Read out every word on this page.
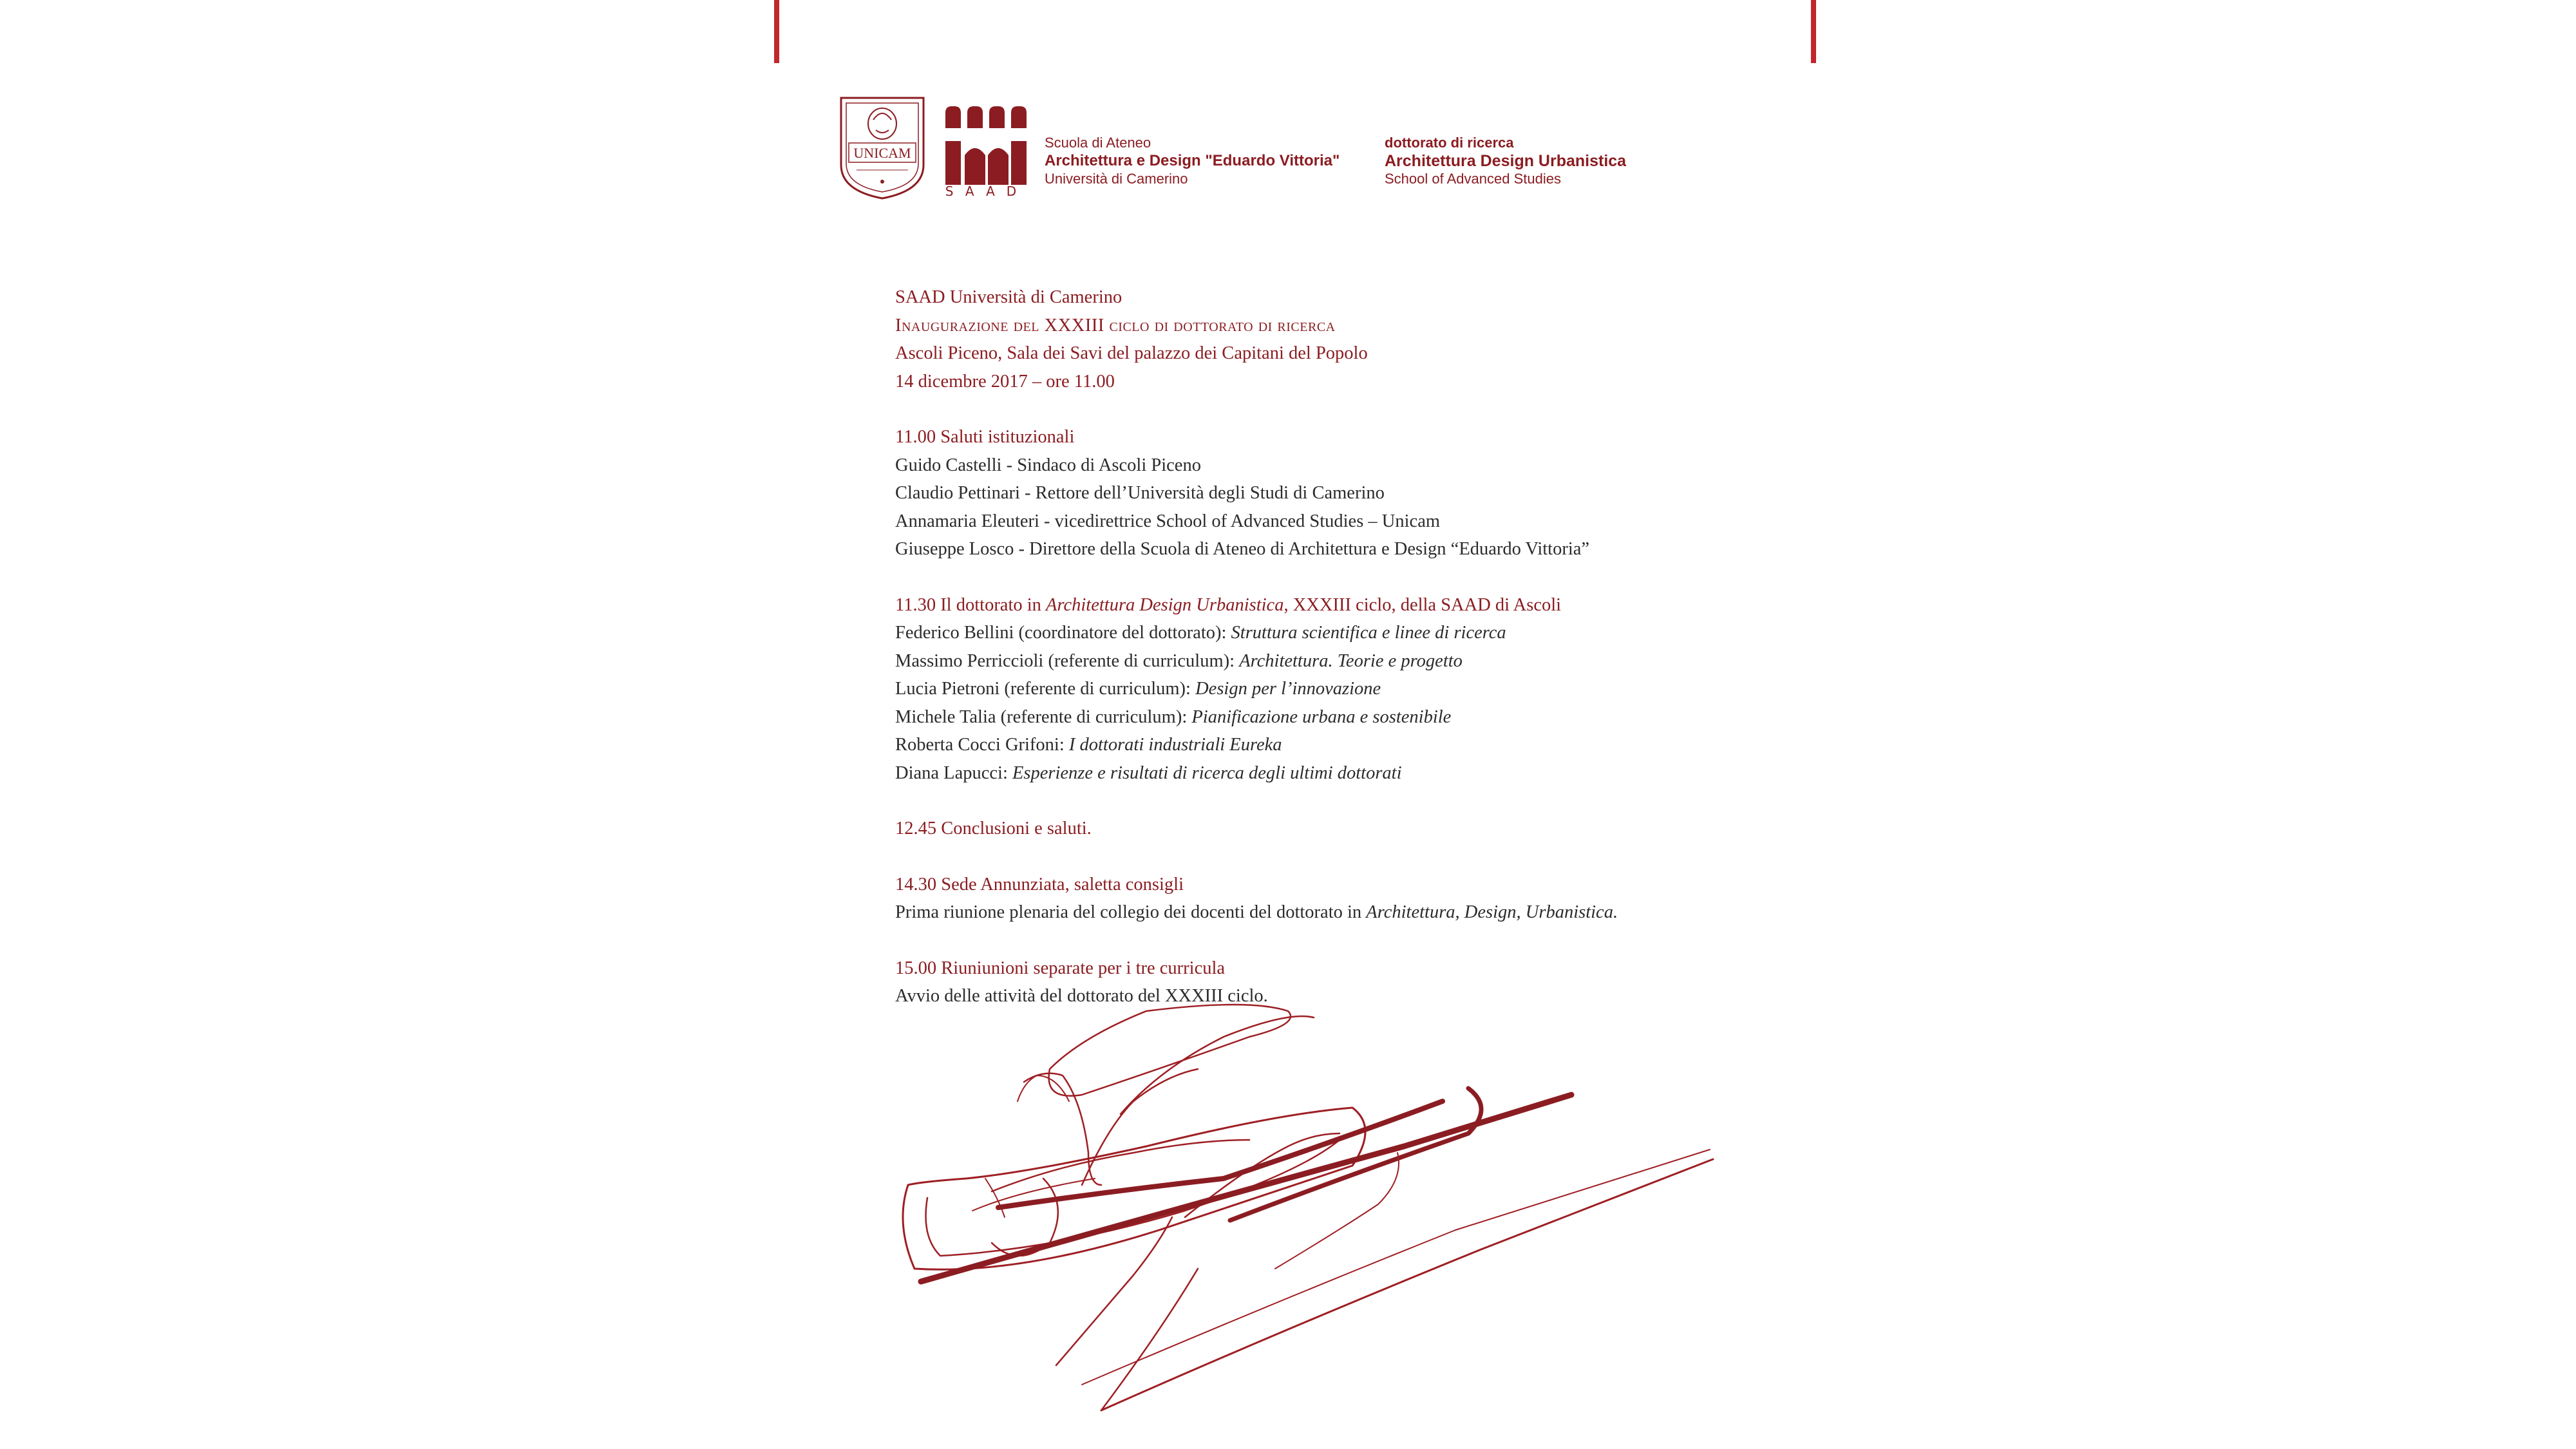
UNICAM
SAAD
Scuola di Ateneo
Architettura e Design "Eduardo Vittoria"
Università di Camerino
dottorato di ricerca
Architettura Design Urbanistica
School of Advanced Studies
SAAD Università di Camerino
Inaugurazione del XXXIII ciclo di dottorato di ricerca
Ascoli Piceno, Sala dei Savi del palazzo dei Capitani del Popolo
14 dicembre 2017 – ore 11.00
11.00 Saluti istituzionali
Guido Castelli - Sindaco di Ascoli Piceno
Claudio Pettinari - Rettore dell’Università degli Studi di Camerino
Annamaria Eleuteri - vicedirettrice School of Advanced Studies – Unicam
Giuseppe Losco - Direttore della Scuola di Ateneo di Architettura e Design “Eduardo Vittoria”
11.30 Il dottorato in Architettura Design Urbanistica, XXXIII ciclo, della SAAD di Ascoli
Federico Bellini (coordinatore del dottorato): Struttura scientifica e linee di ricerca
Massimo Perriccioli (referente di curriculum): Architettura. Teorie e progetto
Lucia Pietroni (referente di curriculum): Design per l’innovazione
Michele Talia (referente di curriculum): Pianificazione urbana e sostenibile
Roberta Cocci Grifoni: I dottorati industriali Eureka
Diana Lapucci: Esperienze e risultati di ricerca degli ultimi dottorati
12.45 Conclusioni e saluti.
14.30 Sede Annunziata, saletta consigli
Prima riunione plenaria del collegio dei docenti del dottorato in Architettura, Design, Urbanistica.
15.00 Riuniunioni separate per i tre curricula
Avvio delle attività del dottorato del XXXIII ciclo.
